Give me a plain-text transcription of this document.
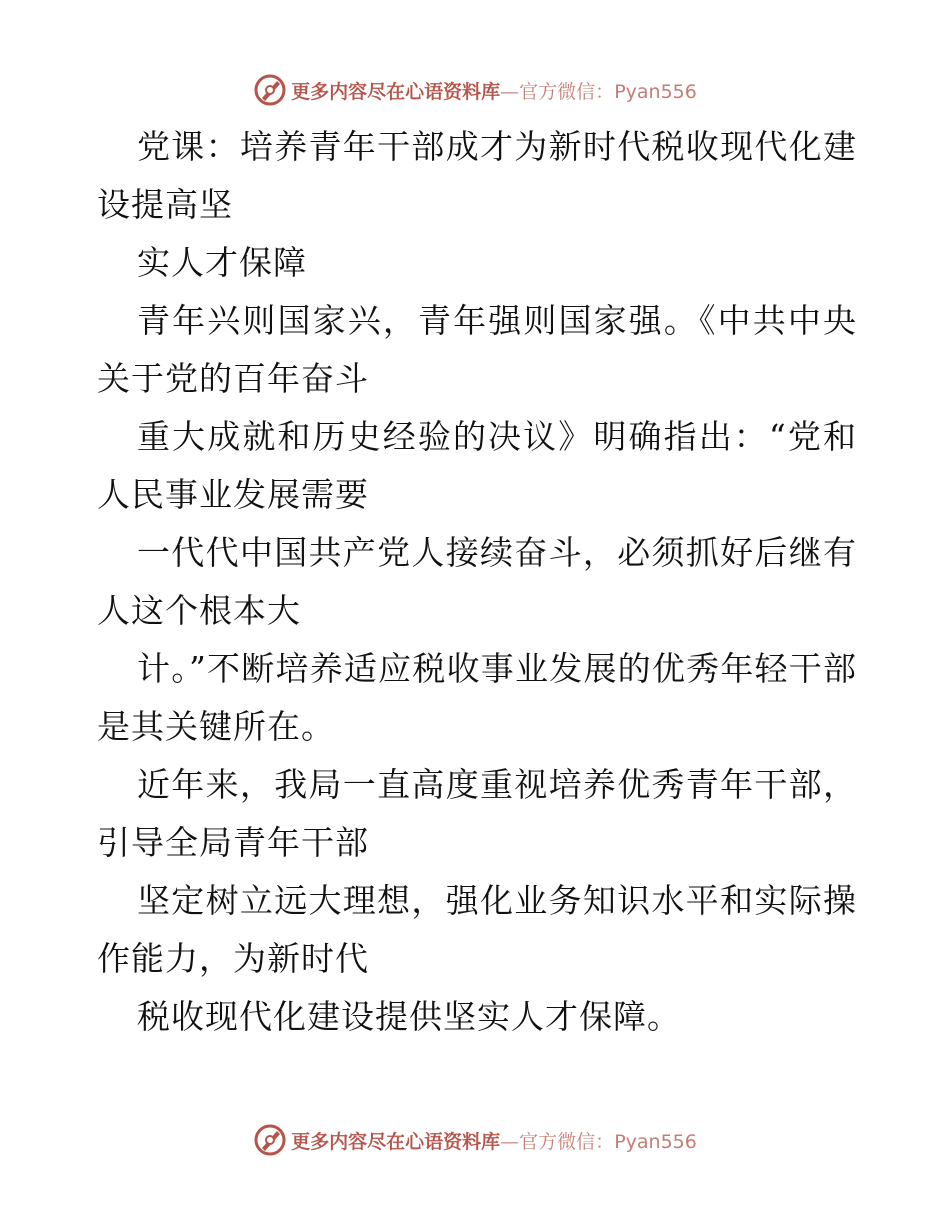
更多内容尽在心语资料库—官方微信：Pyan556

党课：培养青年干部成才为新时代税收现代化建设提高坚

实人才保障

青年兴则国家兴，青年强则国家强。《中共中央关于党的百年奋斗

重大成就和历史经验的决议》明确指出：“党和人民事业发展需要

一代代中国共产党人接续奋斗，必须抓好后继有人这个根本大

计。”不断培养适应税收事业发展的优秀年轻干部是其关键所在。

近年来，我局一直高度重视培养优秀青年干部，引导全局青年干部

坚定树立远大理想，强化业务知识水平和实际操作能力，为新时代

税收现代化建设提供坚实人才保障。

更多内容尽在心语资料库—官方微信：Pyan556
